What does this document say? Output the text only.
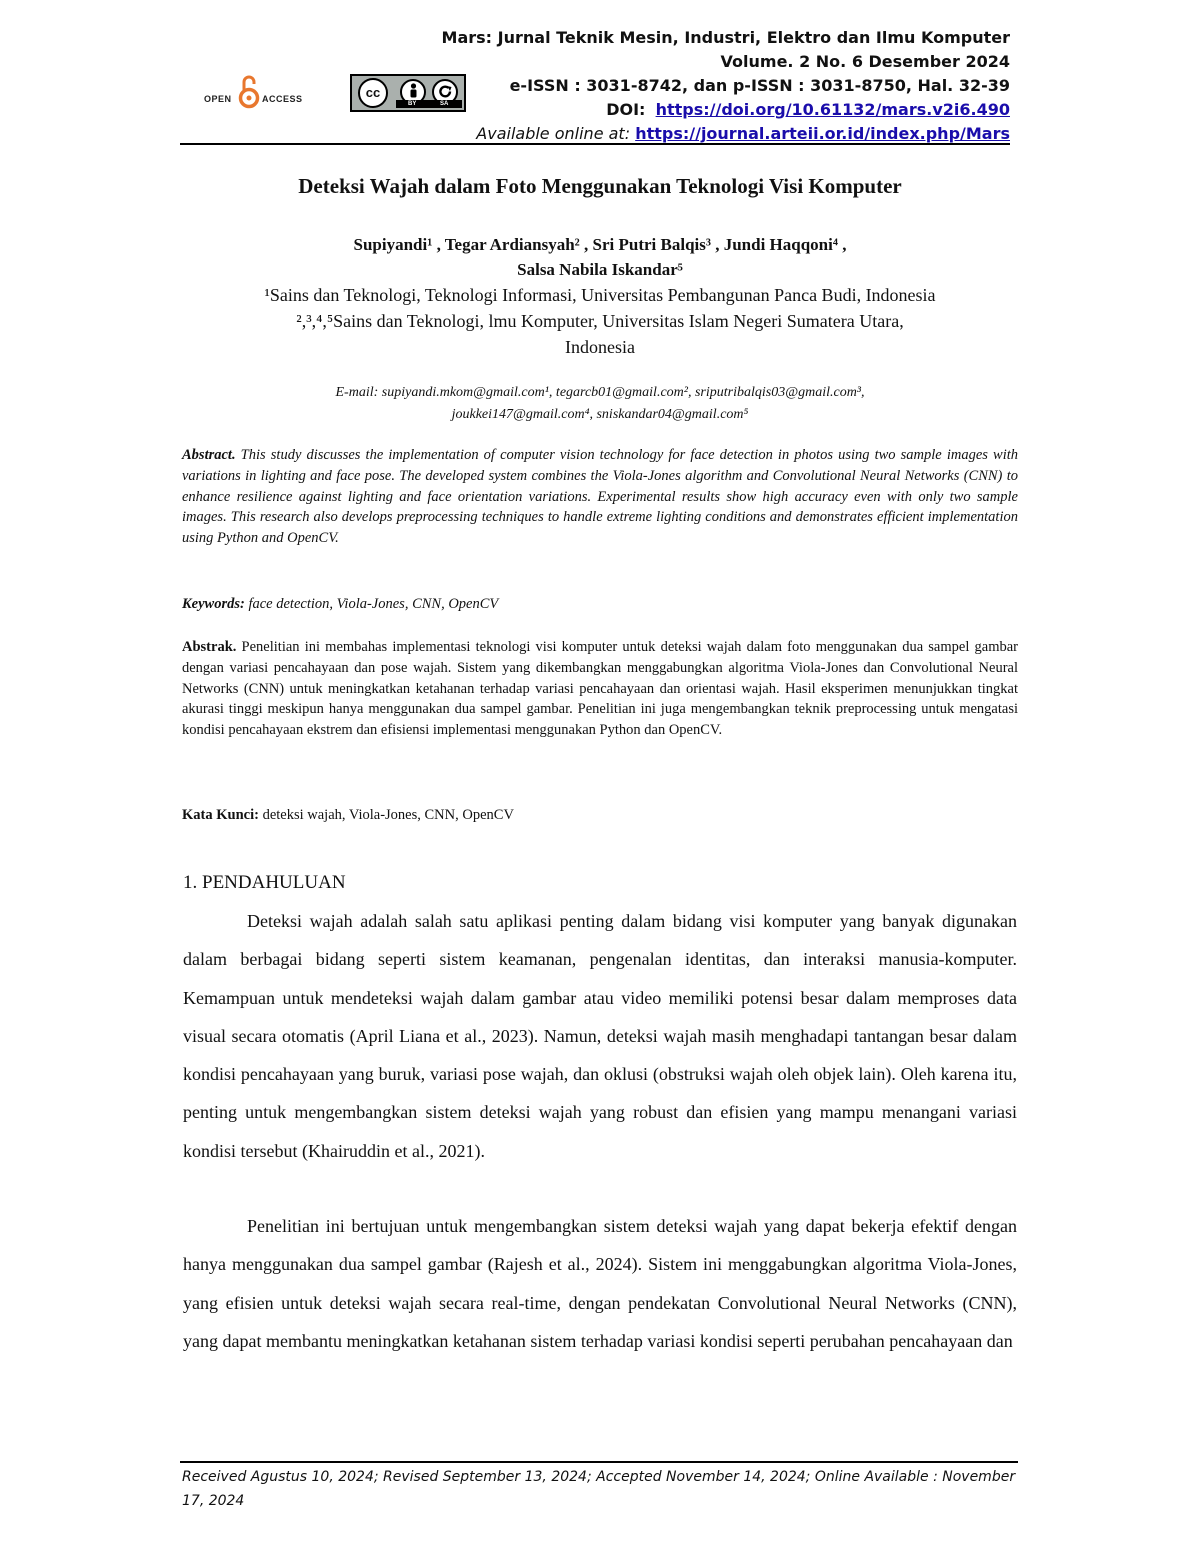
OPEN	ACCESS	cc
BY	SA
Mars: Jurnal Teknik Mesin, Industri, Elektro dan Ilmu Komputer
Volume. 2 No. 6 Desember 2024
e-ISSN : 3031-8742, dan p-ISSN : 3031-8750, Hal. 32-39
DOI: https://doi.org/10.61132/mars.v2i6.490
Available online at: https://journal.arteii.or.id/index.php/Mars
Deteksi Wajah dalam Foto Menggunakan Teknologi Visi Komputer
Supiyandi¹ , Tegar Ardiansyah² , Sri Putri Balqis³ , Jundi Haqqoni⁴ ,
Salsa Nabila Iskandar⁵
¹Sains dan Teknologi, Teknologi Informasi, Universitas Pembangunan Panca Budi, Indonesia
²,³,⁴,⁵Sains dan Teknologi, lmu Komputer, Universitas Islam Negeri Sumatera Utara,
Indonesia
E-mail: supiyandi.mkom@gmail.com¹, tegarcb01@gmail.com², sriputribalqis03@gmail.com³,
joukkei147@gmail.com⁴, sniskandar04@gmail.com⁵
Abstract. This study discusses the implementation of computer vision technology for face detection in photos using two sample images with variations in lighting and face pose. The developed system combines the Viola-Jones algorithm and Convolutional Neural Networks (CNN) to enhance resilience against lighting and face orientation variations. Experimental results show high accuracy even with only two sample images. This research also develops preprocessing techniques to handle extreme lighting conditions and demonstrates efficient implementation using Python and OpenCV.
Keywords: face detection, Viola-Jones, CNN, OpenCV
Abstrak. Penelitian ini membahas implementasi teknologi visi komputer untuk deteksi wajah dalam foto menggunakan dua sampel gambar dengan variasi pencahayaan dan pose wajah. Sistem yang dikembangkan menggabungkan algoritma Viola-Jones dan Convolutional Neural Networks (CNN) untuk meningkatkan ketahanan terhadap variasi pencahayaan dan orientasi wajah. Hasil eksperimen menunjukkan tingkat akurasi tinggi meskipun hanya menggunakan dua sampel gambar. Penelitian ini juga mengembangkan teknik preprocessing untuk mengatasi kondisi pencahayaan ekstrem dan efisiensi implementasi menggunakan Python dan OpenCV.
Kata Kunci: deteksi wajah, Viola-Jones, CNN, OpenCV
1. PENDAHULUAN
Deteksi wajah adalah salah satu aplikasi penting dalam bidang visi komputer yang banyak digunakan dalam berbagai bidang seperti sistem keamanan, pengenalan identitas, dan interaksi manusia-komputer. Kemampuan untuk mendeteksi wajah dalam gambar atau video memiliki potensi besar dalam memproses data visual secara otomatis (April Liana et al., 2023). Namun, deteksi wajah masih menghadapi tantangan besar dalam kondisi pencahayaan yang buruk, variasi pose wajah, dan oklusi (obstruksi wajah oleh objek lain). Oleh karena itu, penting untuk mengembangkan sistem deteksi wajah yang robust dan efisien yang mampu menangani variasi kondisi tersebut (Khairuddin et al., 2021).
Penelitian ini bertujuan untuk mengembangkan sistem deteksi wajah yang dapat bekerja efektif dengan hanya menggunakan dua sampel gambar (Rajesh et al., 2024). Sistem ini menggabungkan algoritma Viola-Jones, yang efisien untuk deteksi wajah secara real-time, dengan pendekatan Convolutional Neural Networks (CNN), yang dapat membantu meningkatkan ketahanan sistem terhadap variasi kondisi seperti perubahan pencahayaan dan
Received Agustus 10, 2024; Revised September 13, 2024; Accepted November 14, 2024; Online Available : November 17, 2024
